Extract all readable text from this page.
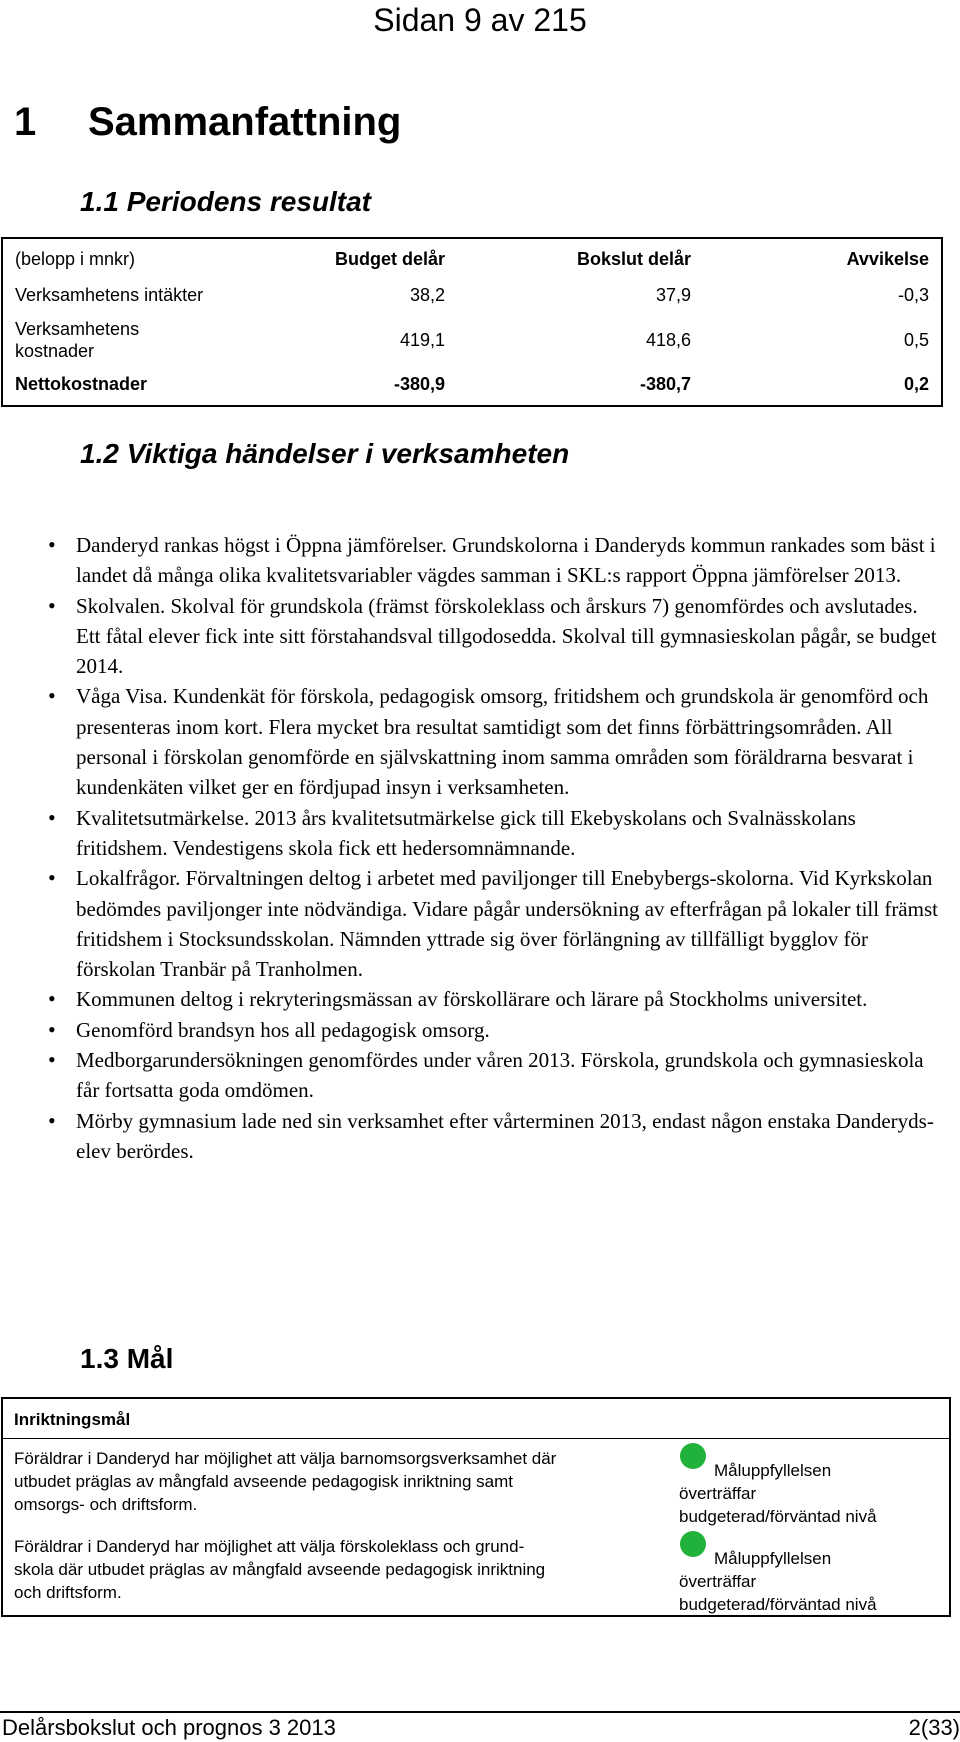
Sidan 9 av 215
1 Sammanfattning
1.1 Periodens resultat
(belopp i mnkr)	Budget delår	Bokslut delår	Avvikelse
Verksamhetens intäkter	38,2	37,9	-0,3

Verksamhetens kostnader	419,1	418,6	0,5
Nettokostnader	-380,9	-380,7	0,2
1.2 Viktiga händelser i verksamheten
• Danderyd rankas högst i Öppna jämförelser. Grundskolorna i Danderyds kommun rankades som bäst i landet då många olika kvalitetsvariabler vägdes samman i SKL:s rapport Öppna jämförelser 2013.
• Skolvalen. Skolval för grundskola (främst förskoleklass och årskurs 7) genomfördes och avslutades. Ett fåtal elever fick inte sitt förstahandsval tillgodosedda. Skolval till gymnasieskolan pågår, se budget 2014.
• Våga Visa. Kundenkät för förskola, pedagogisk omsorg, fritidshem och grundskola är genomförd och presenteras inom kort. Flera mycket bra resultat samtidigt som det finns förbättringsområden. All personal i förskolan genomförde en självskattning inom samma områden som föräldrarna besvarat i kundenkäten vilket ger en fördjupad insyn i verksamheten.
• Kvalitetsutmärkelse. 2013 års kvalitetsutmärkelse gick till Ekebyskolans och Svalnässkolans fritidshem. Vendestigens skola fick ett hedersomnämnande.
• Lokalfrågor. Förvaltningen deltog i arbetet med paviljonger till Enebybergs-skolorna. Vid Kyrkskolan bedömdes paviljonger inte nödvändiga. Vidare pågår undersökning av efterfrågan på lokaler till främst fritidshem i Stocksundsskolan. Nämnden yttrade sig över förlängning av tillfälligt bygglov för förskolan Tranbär på Tranholmen.
• Kommunen deltog i rekryteringsmässan av förskollärare och lärare på Stockholms universitet.
• Genomförd brandsyn hos all pedagogisk omsorg.
• Medborgarundersökningen genomfördes under våren 2013. Förskola, grundskola och gymnasieskola får fortsatta goda omdömen.
• Mörby gymnasium lade ned sin verksamhet efter vårterminen 2013, endast någon enstaka Danderyds-elev berördes.
1.3 Mål
Inriktningsmål
Föräldrar i Danderyd har möjlighet att välja barnomsorgsverksamhet där
utbudet präglas av mångfald avseende pedagogisk inriktning samt
omsorgs- och driftsform.
Måluppfyllelsen
överträffar
budgeterad/förväntad nivå
Föräldrar i Danderyd har möjlighet att välja förskoleklass och grund-
skola där utbudet präglas av mångfald avseende pedagogisk inriktning
och driftsform.
Måluppfyllelsen
överträffar
budgeterad/förväntad nivå
Delårsbokslut och prognos 3 2013	2(33)
